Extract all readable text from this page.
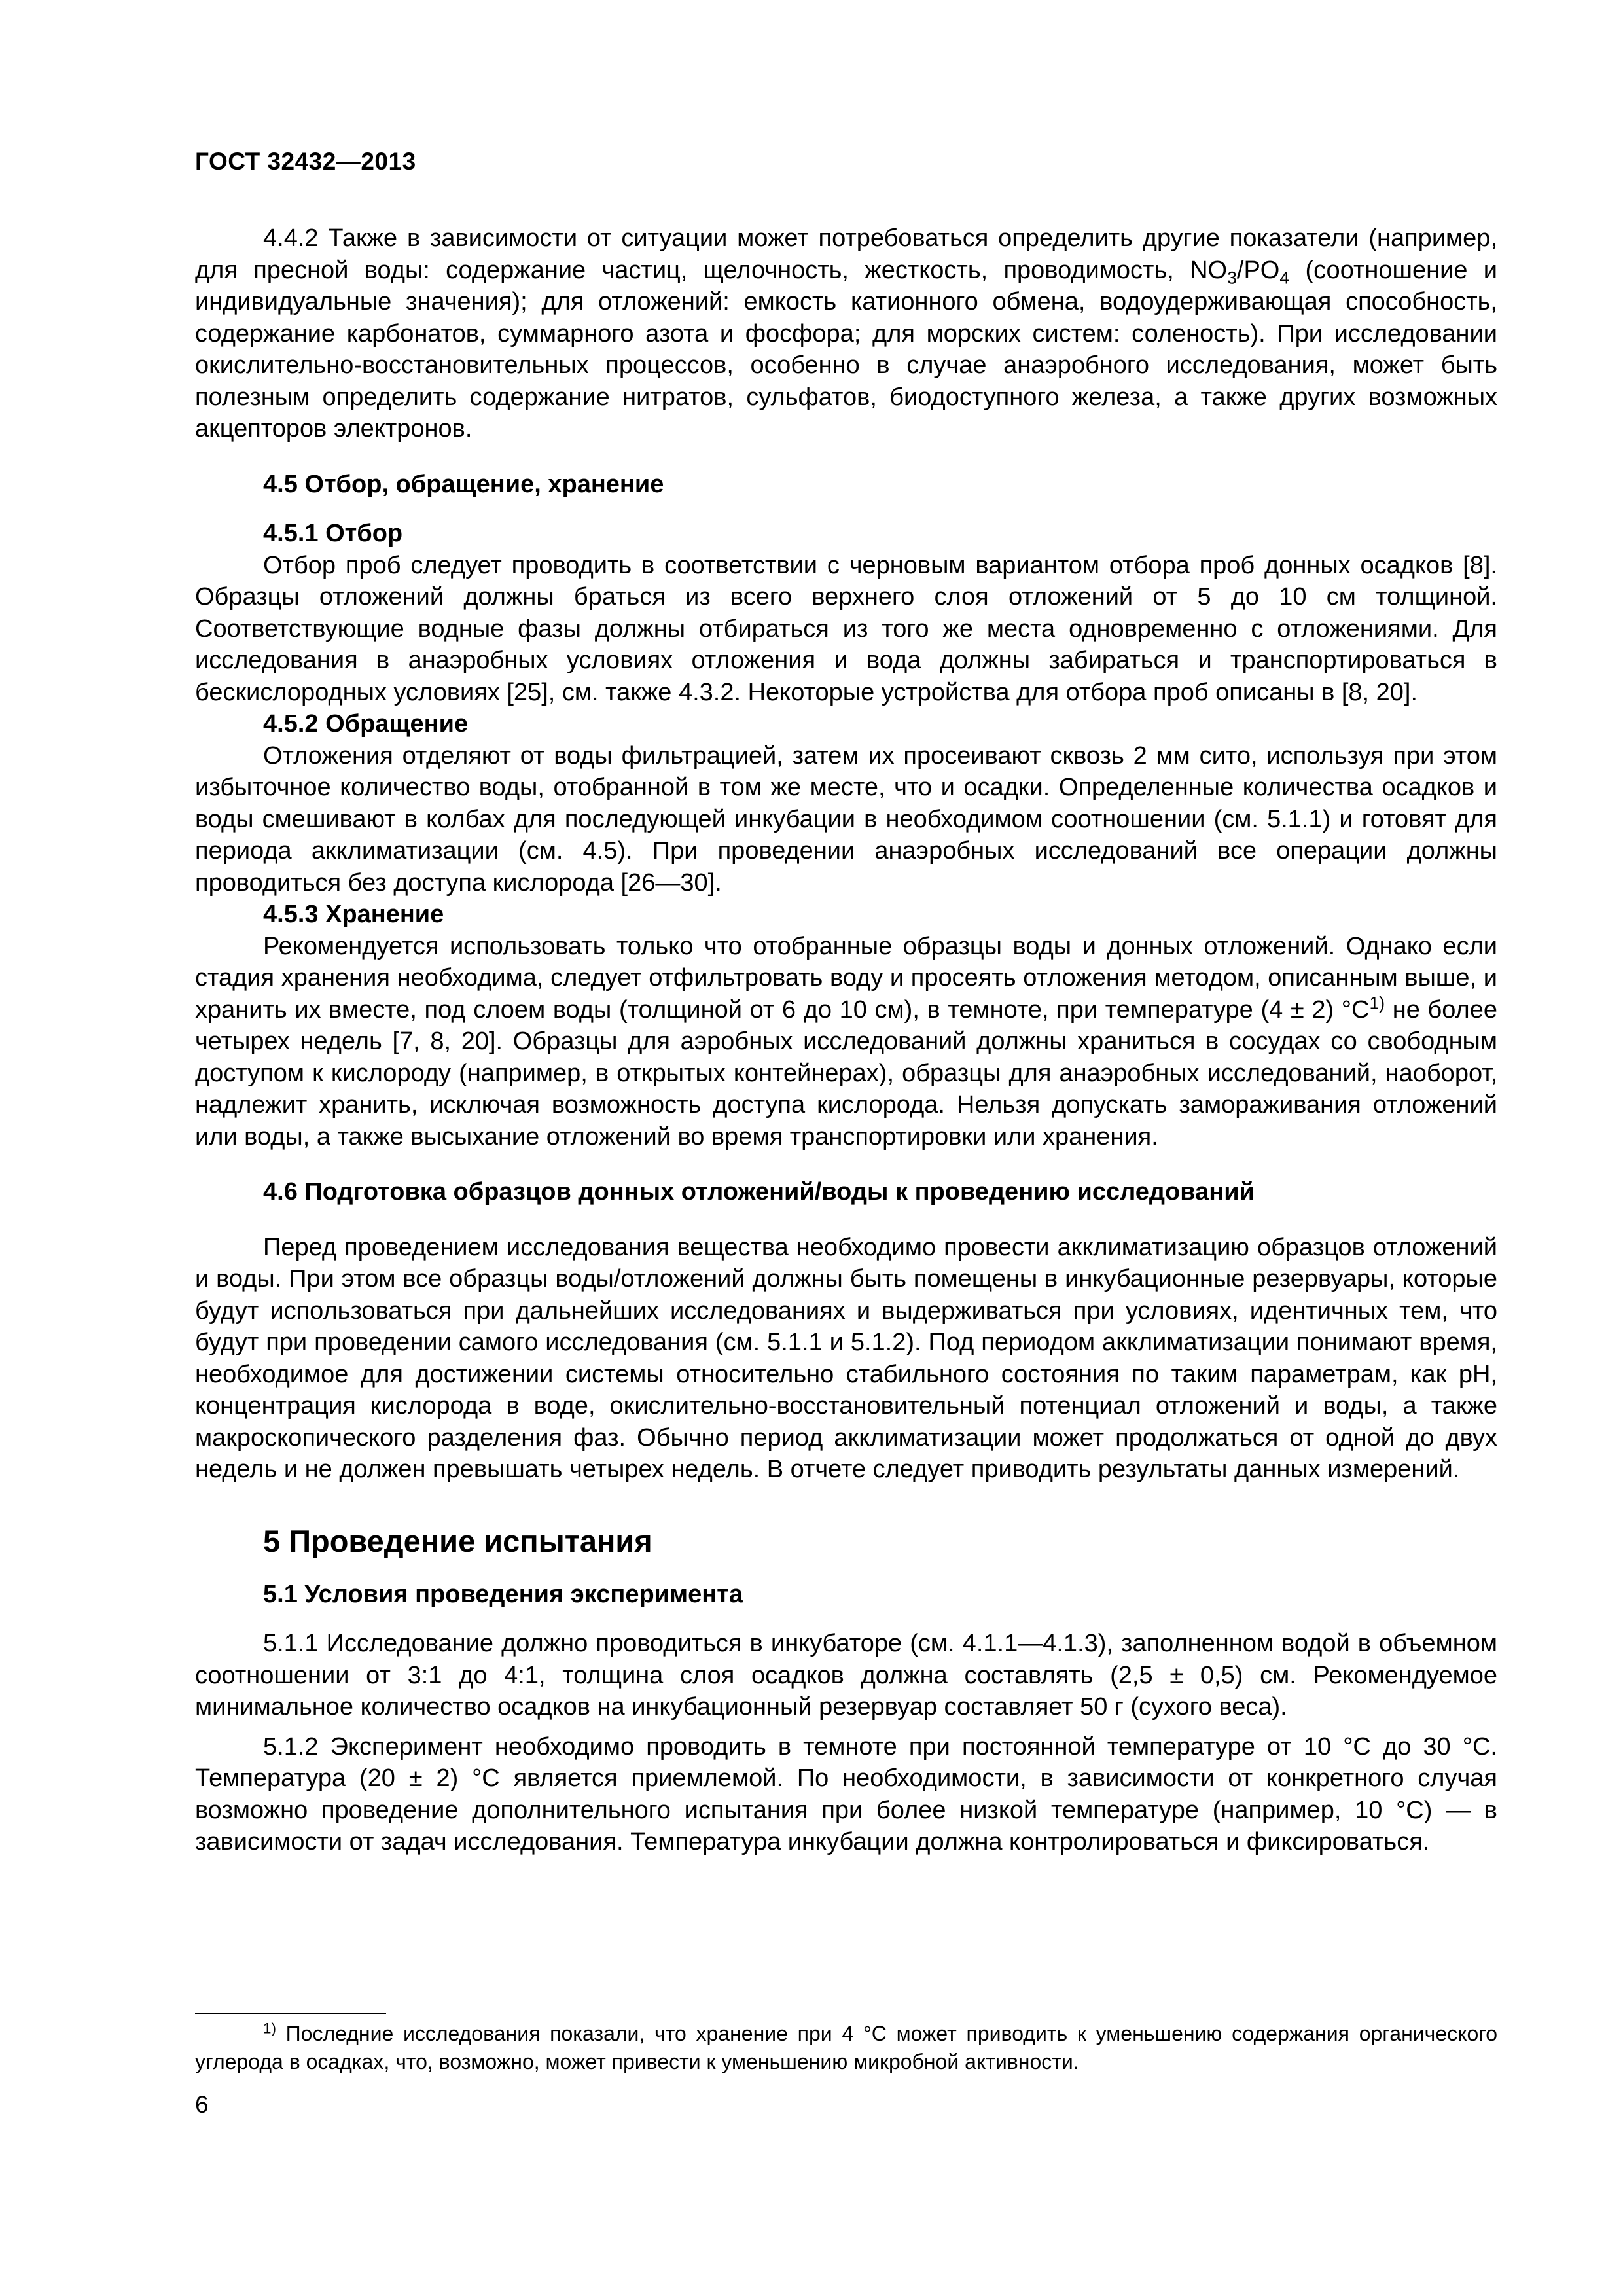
ГОСТ 32432—2013

4.4.2 Также в зависимости от ситуации может потребоваться определить другие показатели (например, для пресной воды: содержание частиц, щелочность, жесткость, проводимость, $NO_3/PO_4$ (соотношение и индивидуальные значения); для отложений: емкость катионного обмена, водоудерживающая способность, содержание карбонатов, суммарного азота и фосфора; для морских систем: соленость). При исследовании окислительно-восстановительных процессов, особенно в случае анаэробного исследования, может быть полезным определить содержание нитратов, сульфатов, биодоступного железа, а также других возможных акцепторов электронов.

4.5 Отбор, обращение, хранение
4.5.1 Отбор

Отбор проб следует проводить в соответствии с черновым вариантом отбора проб донных осадков [8]. Образцы отложений должны браться из всего верхнего слоя отложений от 5 до 10 см толщиной. Соответствующие водные фазы должны отбираться из того же места одновременно с отложениями. Для исследования в анаэробных условиях отложения и вода должны забираться и транспортироваться в бескислородных условиях [25], см. также 4.3.2. Некоторые устройства для отбора проб описаны в [8, 20].

4.5.2 Обращение

Отложения отделяют от воды фильтрацией, затем их просеивают сквозь 2 мм сито, используя при этом избыточное количество воды, отобранной в том же месте, что и осадки. Определенные количества осадков и воды смешивают в колбах для последующей инкубации в необходимом соотношении (см. 5.1.1) и готовят для периода акклиматизации (см. 4.5). При проведении анаэробных исследований все операции должны проводиться без доступа кислорода [26—30].

4.5.3 Хранение

Рекомендуется использовать только что отобранные образцы воды и донных отложений. Однако если стадия хранения необходима, следует отфильтровать воду и просеять отложения методом, описанным выше, и хранить их вместе, под слоем воды (толщиной от 6 до 10 см), в темноте, при температуре (4 ± 2) $^\circ С^{1)}$ не более четырех недель [7, 8, 20]. Образцы для аэробных исследований должны храниться в сосудах со свободным доступом к кислороду (например, в открытых контейнерах), образцы для анаэробных исследований, наоборот, надлежит хранить, исключая возможность доступа кислорода. Нельзя допускать замораживания отложений или воды, а также высыхание отложений во время транспортировки или хранения.

4.6 Подготовка образцов донных отложений/воды к проведению исследований

Перед проведением исследования вещества необходимо провести акклиматизацию образцов отложений и воды. При этом все образцы воды/отложений должны быть помещены в инкубационные резервуары, которые будут использоваться при дальнейших исследованиях и выдерживаться при условиях, идентичных тем, что будут при проведении самого исследования (см. 5.1.1 и 5.1.2). Под периодом акклиматизации понимают время, необходимое для достижении системы относительно стабильного состояния по таким параметрам, как pH, концентрация кислорода в воде, окислительно-восстановительный потенциал отложений и воды, а также макроскопического разделения фаз. Обычно период акклиматизации может продолжаться от одной до двух недель и не должен превышать четырех недель. В отчете следует приводить результаты данных измерений.

5 Проведение испытания
5.1 Условия проведения эксперимента

5.1.1 Исследование должно проводиться в инкубаторе (см. 4.1.1—4.1.3), заполненном водой в объемном соотношении от 3:1 до 4:1, толщина слоя осадков должна составлять (2,5 ± 0,5) см. Рекомендуемое минимальное количество осадков на инкубационный резервуар составляет 50 г (сухого веса).

5.1.2 Эксперимент необходимо проводить в темноте при постоянной температуре от 10 °С до 30 °С. Температура (20 ± 2) °С является приемлемой. По необходимости, в зависимости от конкретного случая возможно проведение дополнительного испытания при более низкой температуре (например, 10 °С) — в зависимости от задач исследования. Температура инкубации должна контролироваться и фиксироваться.

$^{1)}$ Последние исследования показали, что хранение при 4 °С может приводить к уменьшению содержания органического углерода в осадках, что, возможно, может привести к уменьшению микробной активности.

6
